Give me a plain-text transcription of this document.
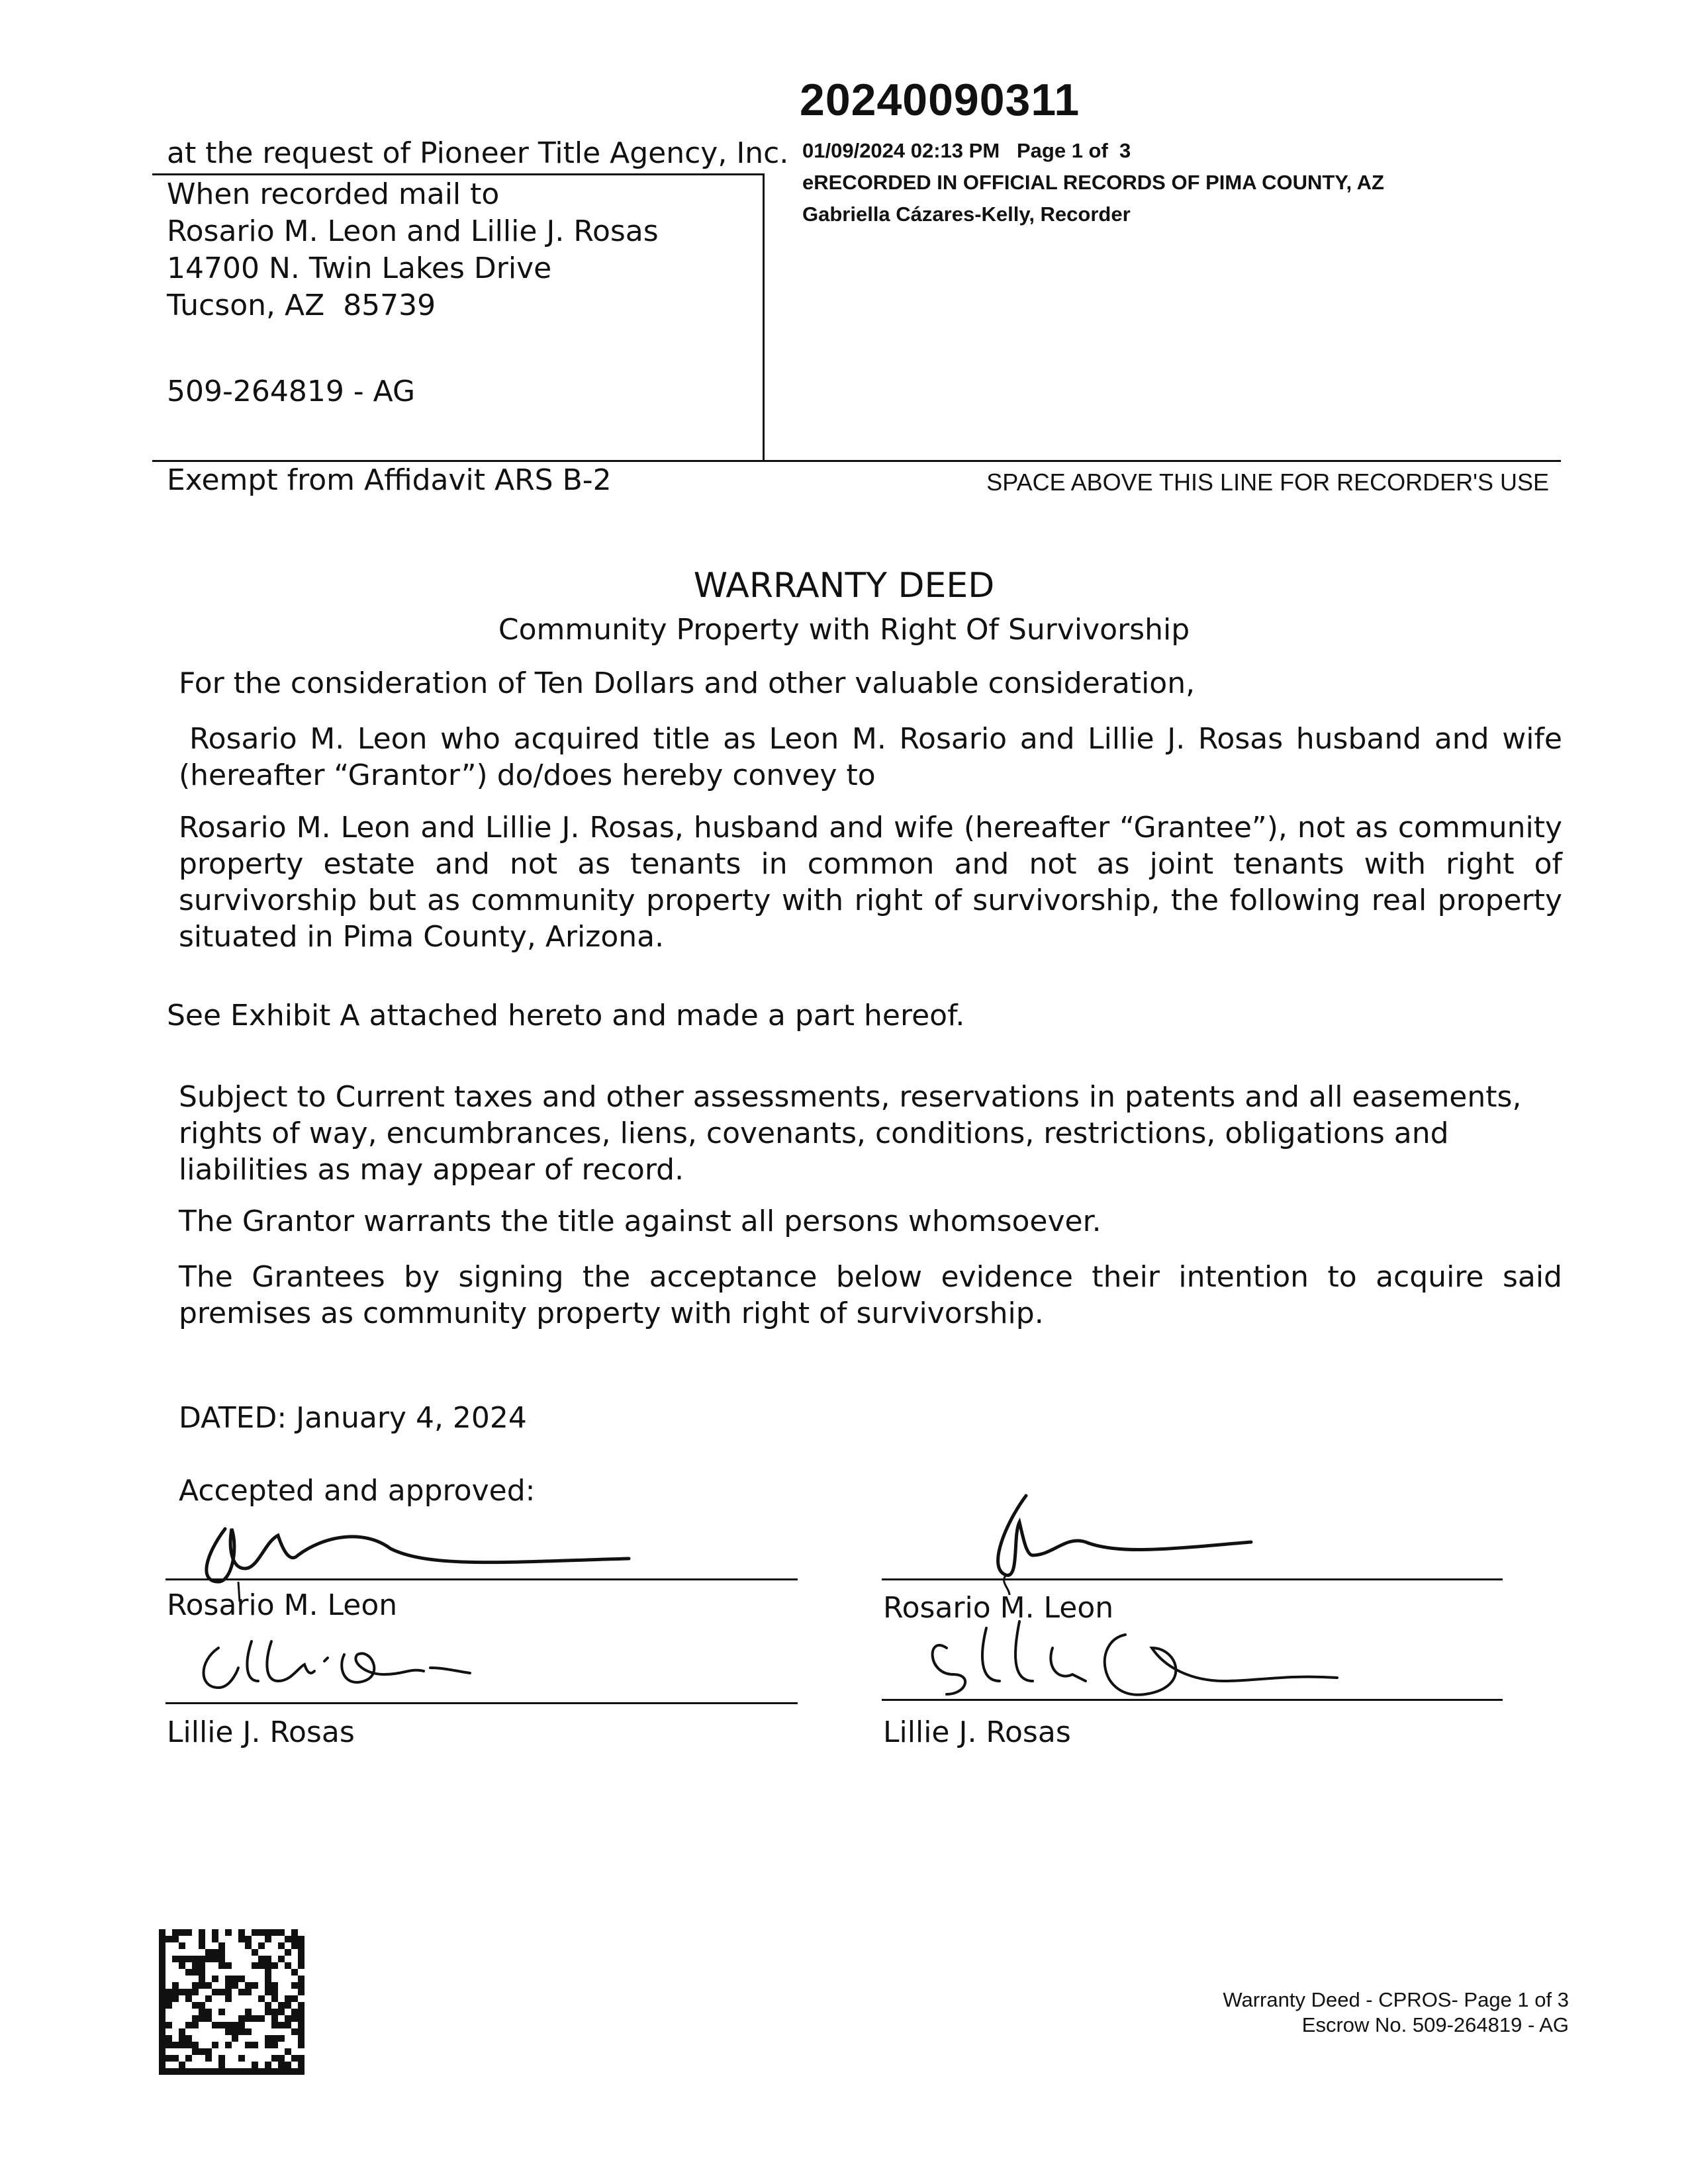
20240090311
01/09/2024 02:13 PM   Page 1 of  3
eRECORDED IN OFFICIAL RECORDS OF PIMA COUNTY, AZ
Gabriella Cázares-Kelly, Recorder
at the request of Pioneer Title Agency, Inc.
When recorded mail to
Rosario M. Leon and Lillie J. Rosas
14700 N. Twin Lakes Drive
Tucson, AZ  85739
509-264819 - AG
Exempt from Affidavit ARS B-2	SPACE ABOVE THIS LINE FOR RECORDER'S USE
WARRANTY DEED
Community Property with Right Of Survivorship
For the consideration of Ten Dollars and other valuable consideration,
Rosario M. Leon who acquired title as Leon M. Rosario and Lillie J. Rosas husband and wife (hereafter “Grantor”) do/does hereby convey to
Rosario M. Leon and Lillie J. Rosas, husband and wife (hereafter “Grantee”), not as community property estate and not as tenants in common and not as joint tenants with right of survivorship but as community property with right of survivorship, the following real property situated in Pima County, Arizona.
See Exhibit A attached hereto and made a part hereof.
Subject to Current taxes and other assessments, reservations in patents and all easements, rights of way, encumbrances, liens, covenants, conditions, restrictions, obligations and liabilities as may appear of record.
The Grantor warrants the title against all persons whomsoever.
The Grantees by signing the acceptance below evidence their intention to acquire said premises as community property with right of survivorship.
DATED: January 4, 2024
Accepted and approved:
Rosario M. Leon
Lillie J. Rosas
Rosario M. Leon
Lillie J. Rosas
Warranty Deed - CPROS- Page 1 of 3
Escrow No. 509-264819 - AG
